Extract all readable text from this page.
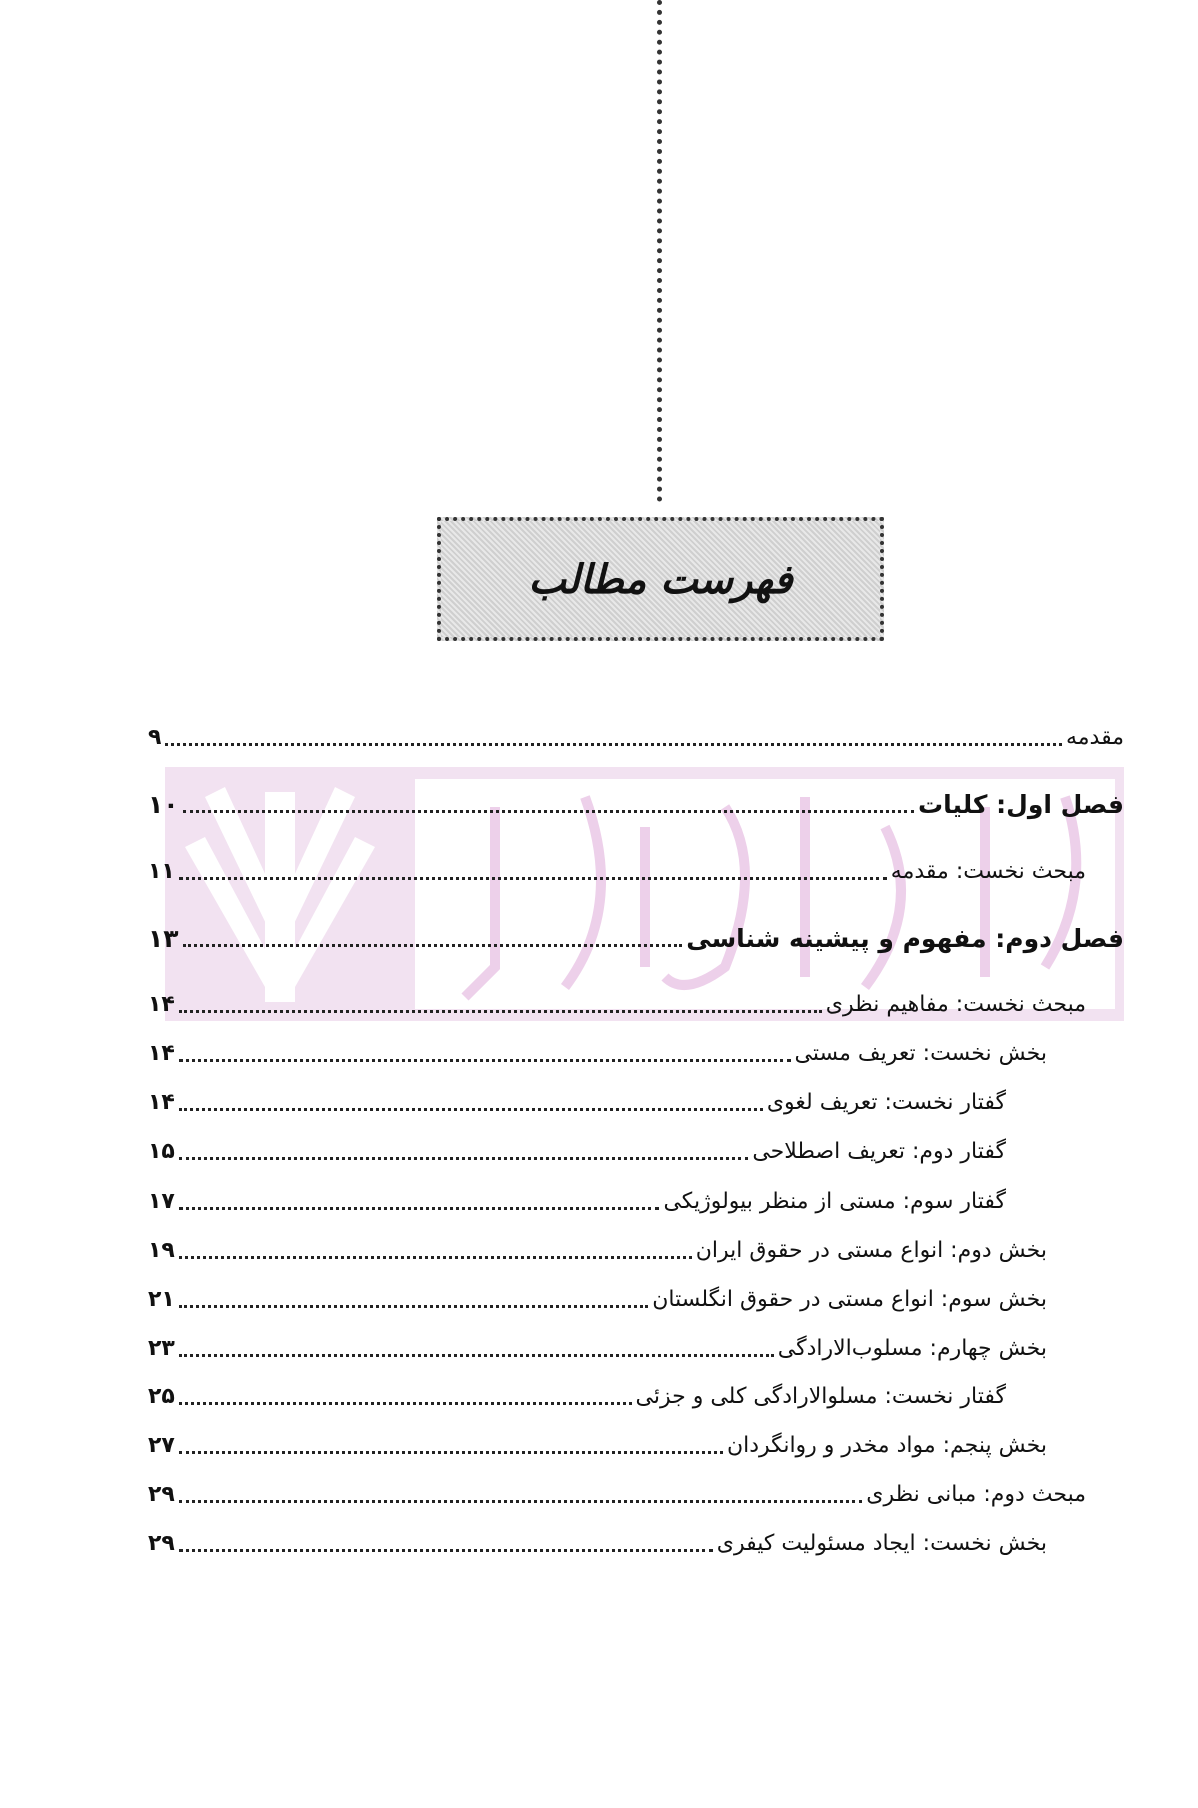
فهرست مطالب
مقدمه
۹
فصل اول: کلیات
۱۰
مبحث نخست: مقدمه
۱۱
فصل دوم: مفهوم و پیشینه شناسی
۱۳
مبحث نخست: مفاهیم نظری
۱۴
بخش نخست: تعریف مستی
۱۴
گفتار نخست: تعریف لغوی
۱۴
گفتار دوم: تعریف اصطلاحی
۱۵
گفتار سوم: مستی از منظر بیولوژیکی
۱۷
بخش دوم: انواع مستی در حقوق ایران
۱۹
بخش سوم: انواع مستی در حقوق انگلستان
۲۱
بخش چهارم: مسلوب‌الارادگی
۲۳
گفتار نخست: مسلوالارادگی کلی و جزئی
۲۵
بخش پنجم: مواد مخدر و روانگردان
۲۷
مبحث دوم: مبانی نظری
۲۹
بخش نخست: ایجاد مسئولیت کیفری
۲۹
